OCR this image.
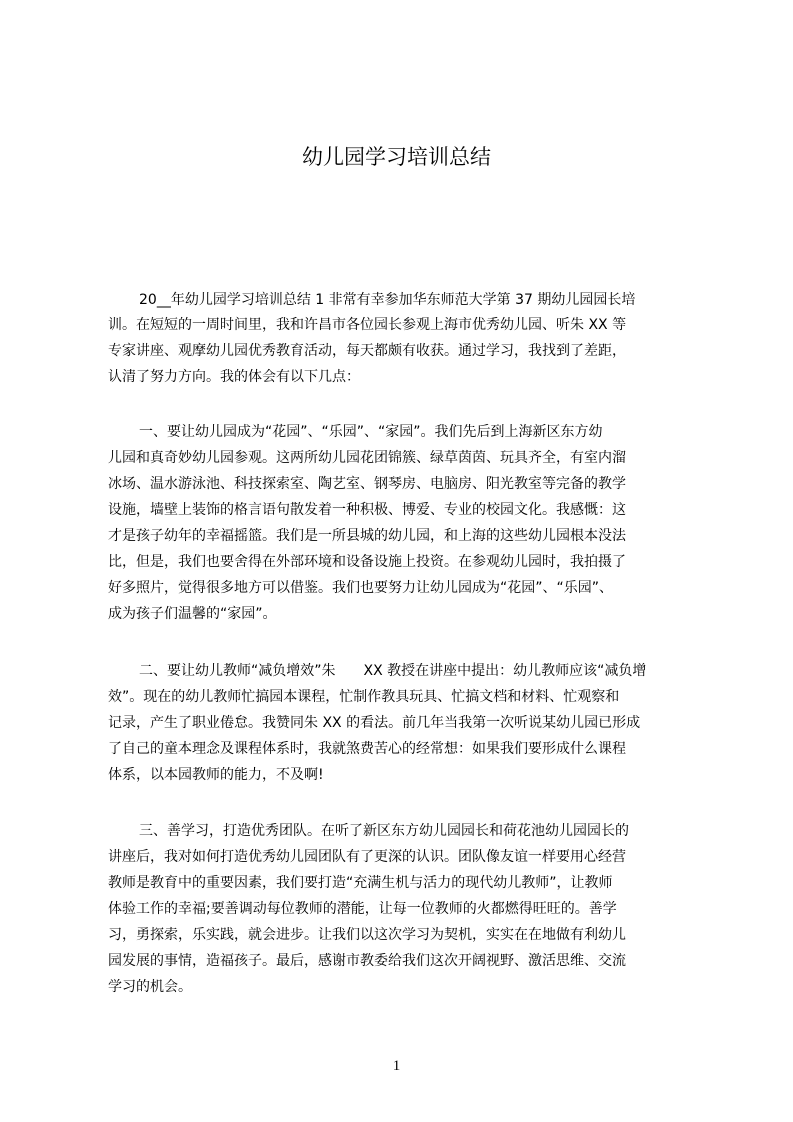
幼儿园学习培训总结

20__年幼儿园学习培训总结 1 非常有幸参加华东师范大学第 37 期幼儿园园长培

训。在短短的一周时间里，我和许昌市各位园长参观上海市优秀幼儿园、听朱 XX 等

专家讲座、观摩幼儿园优秀教育活动，每天都颇有收获。通过学习，我找到了差距，

认清了努力方向。我的体会有以下几点：

一、要让幼儿园成为“花园”、“乐园”、“家园”。我们先后到上海新区东方幼

儿园和真奇妙幼儿园参观。这两所幼儿园花团锦簇、绿草茵茵、玩具齐全，有室内溜

冰场、温水游泳池、科技探索室、陶艺室、钢琴房、电脑房、阳光教室等完备的教学

设施，墙壁上装饰的格言语句散发着一种积极、博爱、专业的校园文化。我感慨：这

才是孩子幼年的幸福摇篮。我们是一所县城的幼儿园，和上海的这些幼儿园根本没法

比，但是，我们也要舍得在外部环境和设备设施上投资。在参观幼儿园时，我拍摄了

好多照片，觉得很多地方可以借鉴。我们也要努力让幼儿园成为“花园”、“乐园”、

成为孩子们温馨的“家园”。

二、要让幼儿教师“减负增效”朱　　XX 教授在讲座中提出：幼儿教师应该“减负增

效”。现在的幼儿教师忙搞园本课程，忙制作教具玩具、忙搞文档和材料、忙观察和

记录，产生了职业倦怠。我赞同朱 XX 的看法。前几年当我第一次听说某幼儿园已形成

了自己的童本理念及课程体系时，我就煞费苦心的经常想：如果我们要形成什么课程

体系，以本园教师的能力，不及啊!

三、善学习，打造优秀团队。在听了新区东方幼儿园园长和荷花池幼儿园园长的

讲座后，我对如何打造优秀幼儿园团队有了更深的认识。团队像友谊一样要用心经营

教师是教育中的重要因素，我们要打造“充满生机与活力的现代幼儿教师”，让教师

体验工作的幸福;要善调动每位教师的潜能，让每一位教师的火都燃得旺旺的。善学

习，勇探索，乐实践，就会进步。让我们以这次学习为契机，实实在在地做有利幼儿

园发展的事情，造福孩子。最后，感谢市教委给我们这次开阔视野、激活思维、交流

学习的机会。

1
